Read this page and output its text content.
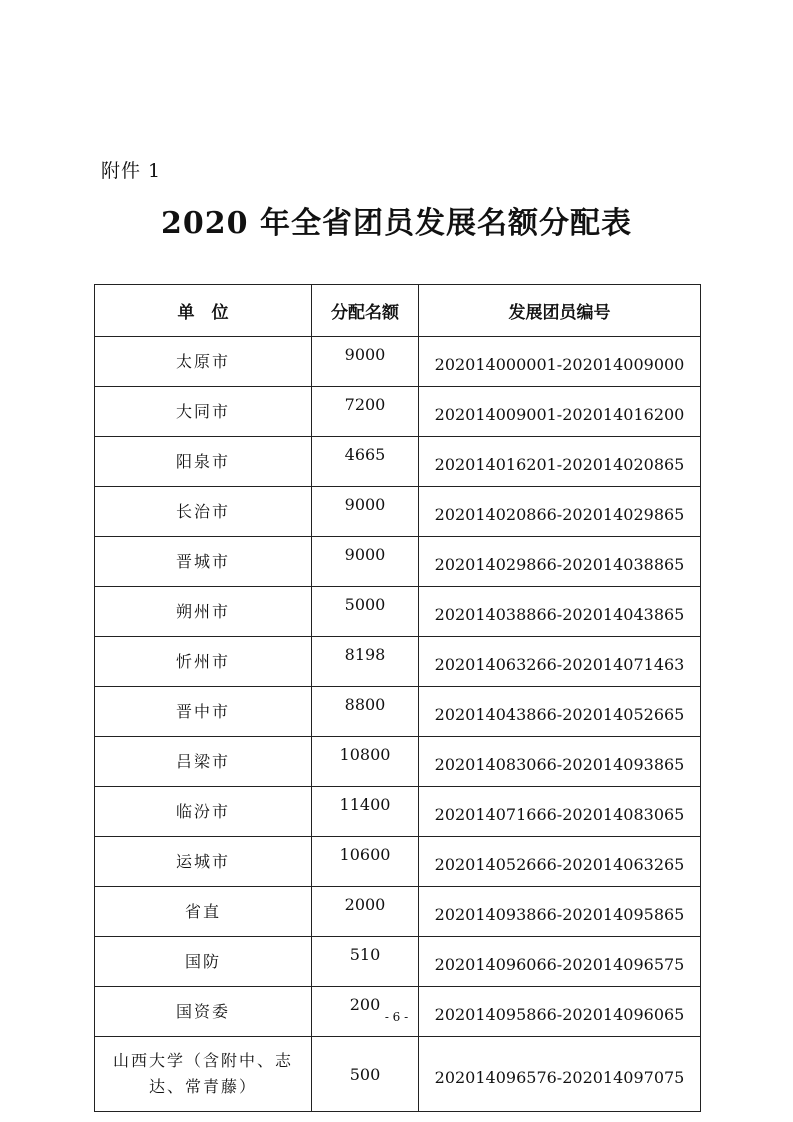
附件 1
2020 年全省团员发展名额分配表
单　位	分配名额	发展团员编号
太原市	9000	202014000001-202014009000
大同市	7200	202014009001-202014016200
阳泉市	4665	202014016201-202014020865
长治市	9000	202014020866-202014029865
晋城市	9000	202014029866-202014038865
朔州市	5000	202014038866-202014043865
忻州市	8198	202014063266-202014071463
晋中市	8800	202014043866-202014052665
吕梁市	10800	202014083066-202014093865
临汾市	11400	202014071666-202014083065
运城市	10600	202014052666-202014063265
省直	2000	202014093866-202014095865
国防	510	202014096066-202014096575
国资委	200	202014095866-202014096065
山西大学（含附中、志达、常青藤）	500	202014096576-202014097075
- 6 -
